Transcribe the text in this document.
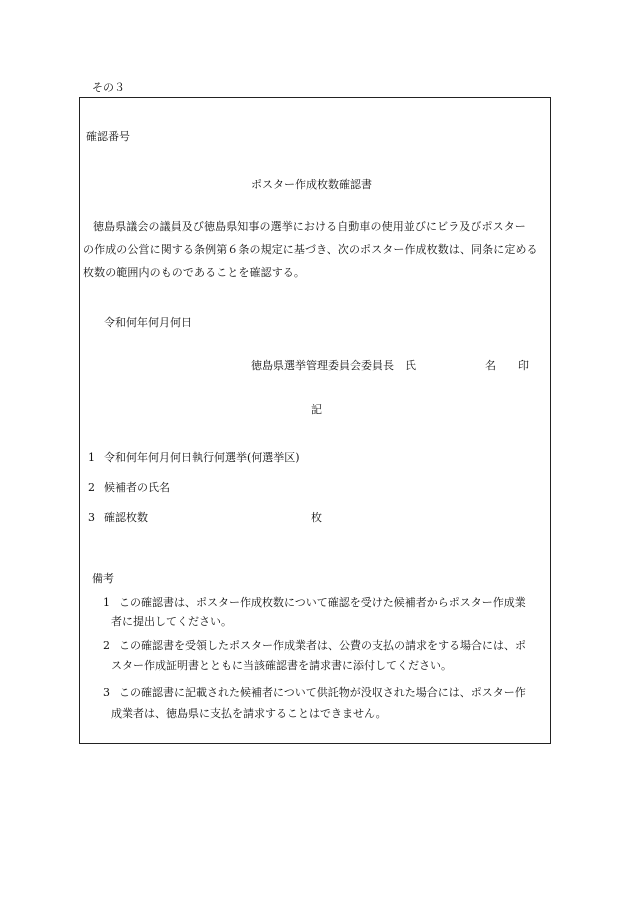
その３
確認番号
ポスター作成枚数確認書
徳島県議会の議員及び徳島県知事の選挙における自動車の使用並びにビラ及びポスター
の作成の公営に関する条例第６条の規定に基づき、次のポスター作成枚数は、同条に定める
枚数の範囲内のものであることを確認する。
令和何年何月何日
徳島県選挙管理委員会委員長　氏	名 印
記
1 令和何年何月何日執行何選挙(何選挙区)
2 候補者の氏名
3 確認枚数	枚
備考
1 この確認書は、ポスター作成枚数について確認を受けた候補者からポスター作成業
者に提出してください。
2 この確認書を受領したポスター作成業者は、公費の支払の請求をする場合には、ポ
スター作成証明書とともに当該確認書を請求書に添付してください。
3 この確認書に記載された候補者について供託物が没収された場合には、ポスター作
成業者は、徳島県に支払を請求することはできません。
